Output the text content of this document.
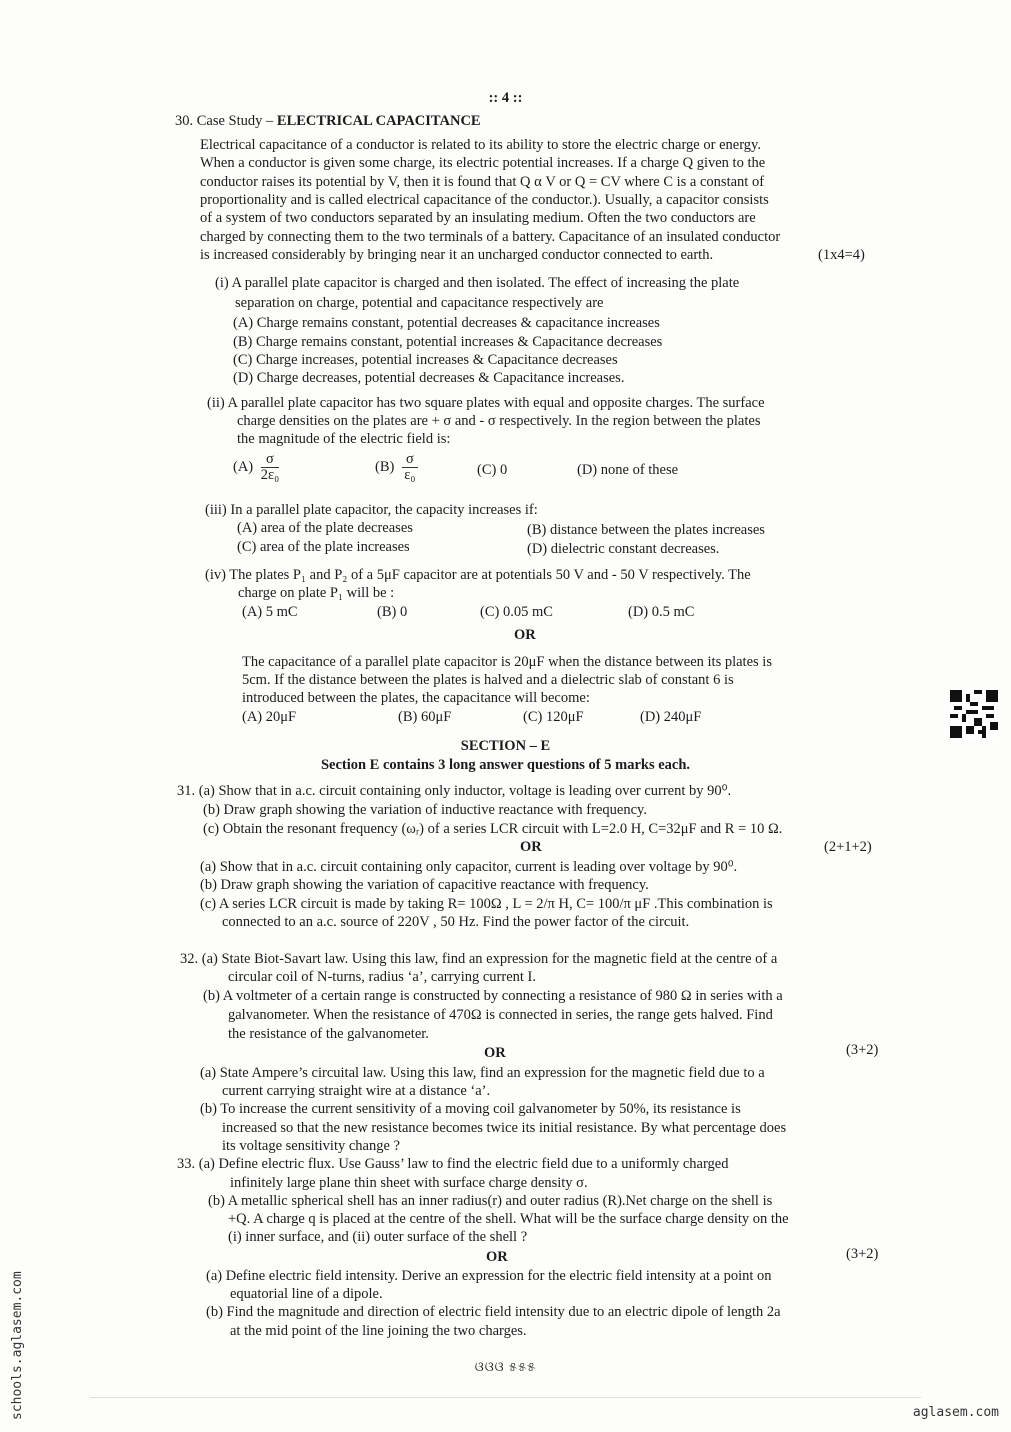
:: 4 ::
30. Case Study – ELECTRICAL CAPACITANCE
Electrical capacitance of a conductor is related to its ability to store the electric charge or energy.
When a conductor is given some charge, its electric potential increases. If a charge Q given to the
conductor raises its potential by V, then it is found that Q α V or Q = CV where C is a constant of
proportionality and is called electrical capacitance of the conductor.). Usually, a capacitor consists
of a system of two conductors separated by an insulating medium. Often the two conductors are
charged by connecting them to the two terminals of a battery. Capacitance of an insulated conductor
is increased considerably by bringing near it an uncharged conductor connected to earth.	(1x4=4)
(i) A parallel plate capacitor is charged and then isolated. The effect of increasing the plate
separation on charge, potential and capacitance respectively are
(A) Charge remains constant, potential decreases & capacitance increases
(B) Charge remains constant, potential increases & Capacitance decreases
(C) Charge increases, potential increases & Capacitance decreases
(D) Charge decreases, potential decreases & Capacitance increases.
(ii) A parallel plate capacitor has two square plates with equal and opposite charges. The surface
charge densities on the plates are + σ and - σ respectively. In the region between the plates
the magnitude of the electric field is:
$(A) \frac{\sigma}{\text{2ε₀}}$	$(B) \frac{\sigma}{\text{ε₀}}$	(C) 0	(D) none of these
(iii) In a parallel plate capacitor, the capacity increases if:
(A) area of the plate decreases	(B) distance between the plates increases
(C) area of the plate increases	(D) dielectric constant decreases.
(iv) The plates P₁ and P₂ of a 5μF capacitor are at potentials 50 V and - 50 V respectively. The
charge on plate P₁ will be :
(A) 5 mC	(B) 0	(C) 0.05 mC	(D) 0.5 mC
OR
The capacitance of a parallel plate capacitor is 20μF when the distance between its plates is
5cm. If the distance between the plates is halved and a dielectric slab of constant 6 is
introduced between the plates, the capacitance will become:
(A) 20μF	(B) 60μF	(C) 120μF	(D) 240μF
SECTION – E
Section E contains 3 long answer questions of 5 marks each.
31. (a) Show that in a.c. circuit containing only inductor, voltage is leading over current by 90⁰.
(b) Draw graph showing the variation of inductive reactance with frequency.
(c) Obtain the resonant frequency (ωᵣ) of a series LCR circuit with L=2.0 H, C=32μF and R = 10 Ω.
OR	(2+1+2)
(a) Show that in a.c. circuit containing only capacitor, current is leading over voltage by 90⁰.
(b) Draw graph showing the variation of capacitive reactance with frequency.
(c) A series LCR circuit is made by taking R= 100Ω , L = 2/π H, C= 100/π μF .This combination is
connected to an a.c. source of 220V , 50 Hz. Find the power factor of the circuit.
32. (a) State Biot-Savart law. Using this law, find an expression for the magnetic field at the centre of a
circular coil of N-turns, radius ‘a’, carrying current I.
(b) A voltmeter of a certain range is constructed by connecting a resistance of 980 Ω in series with a
galvanometer. When the resistance of 470Ω is connected in series, the range gets halved. Find
the resistance of the galvanometer.
OR	(3+2)
(a) State Ampere’s circuital law. Using this law, find an expression for the magnetic field due to a
current carrying straight wire at a distance ‘a’.
(b) To increase the current sensitivity of a moving coil galvanometer by 50%, its resistance is
increased so that the new resistance becomes twice its initial resistance. By what percentage does
its voltage sensitivity change ?
33. (a) Define electric flux. Use Gauss’ law to find the electric field due to a uniformly charged
infinitely large plane thin sheet with surface charge density σ.
(b) A metallic spherical shell has an inner radius(r) and outer radius (R).Net charge on the shell is
+Q. A charge q is placed at the centre of the shell. What will be the surface charge density on the
(i) inner surface, and (ii) outer surface of the shell ?
OR	(3+2)
(a) Define electric field intensity. Derive an expression for the electric field intensity at a point on
equatorial line of a dipole.
(b) Find the magnitude and direction of electric field intensity due to an electric dipole of length 2a
at the mid point of the line joining the two charges.
ଓଓଓ ୫୫୫
schools.aglasem.com	aglasem.com
